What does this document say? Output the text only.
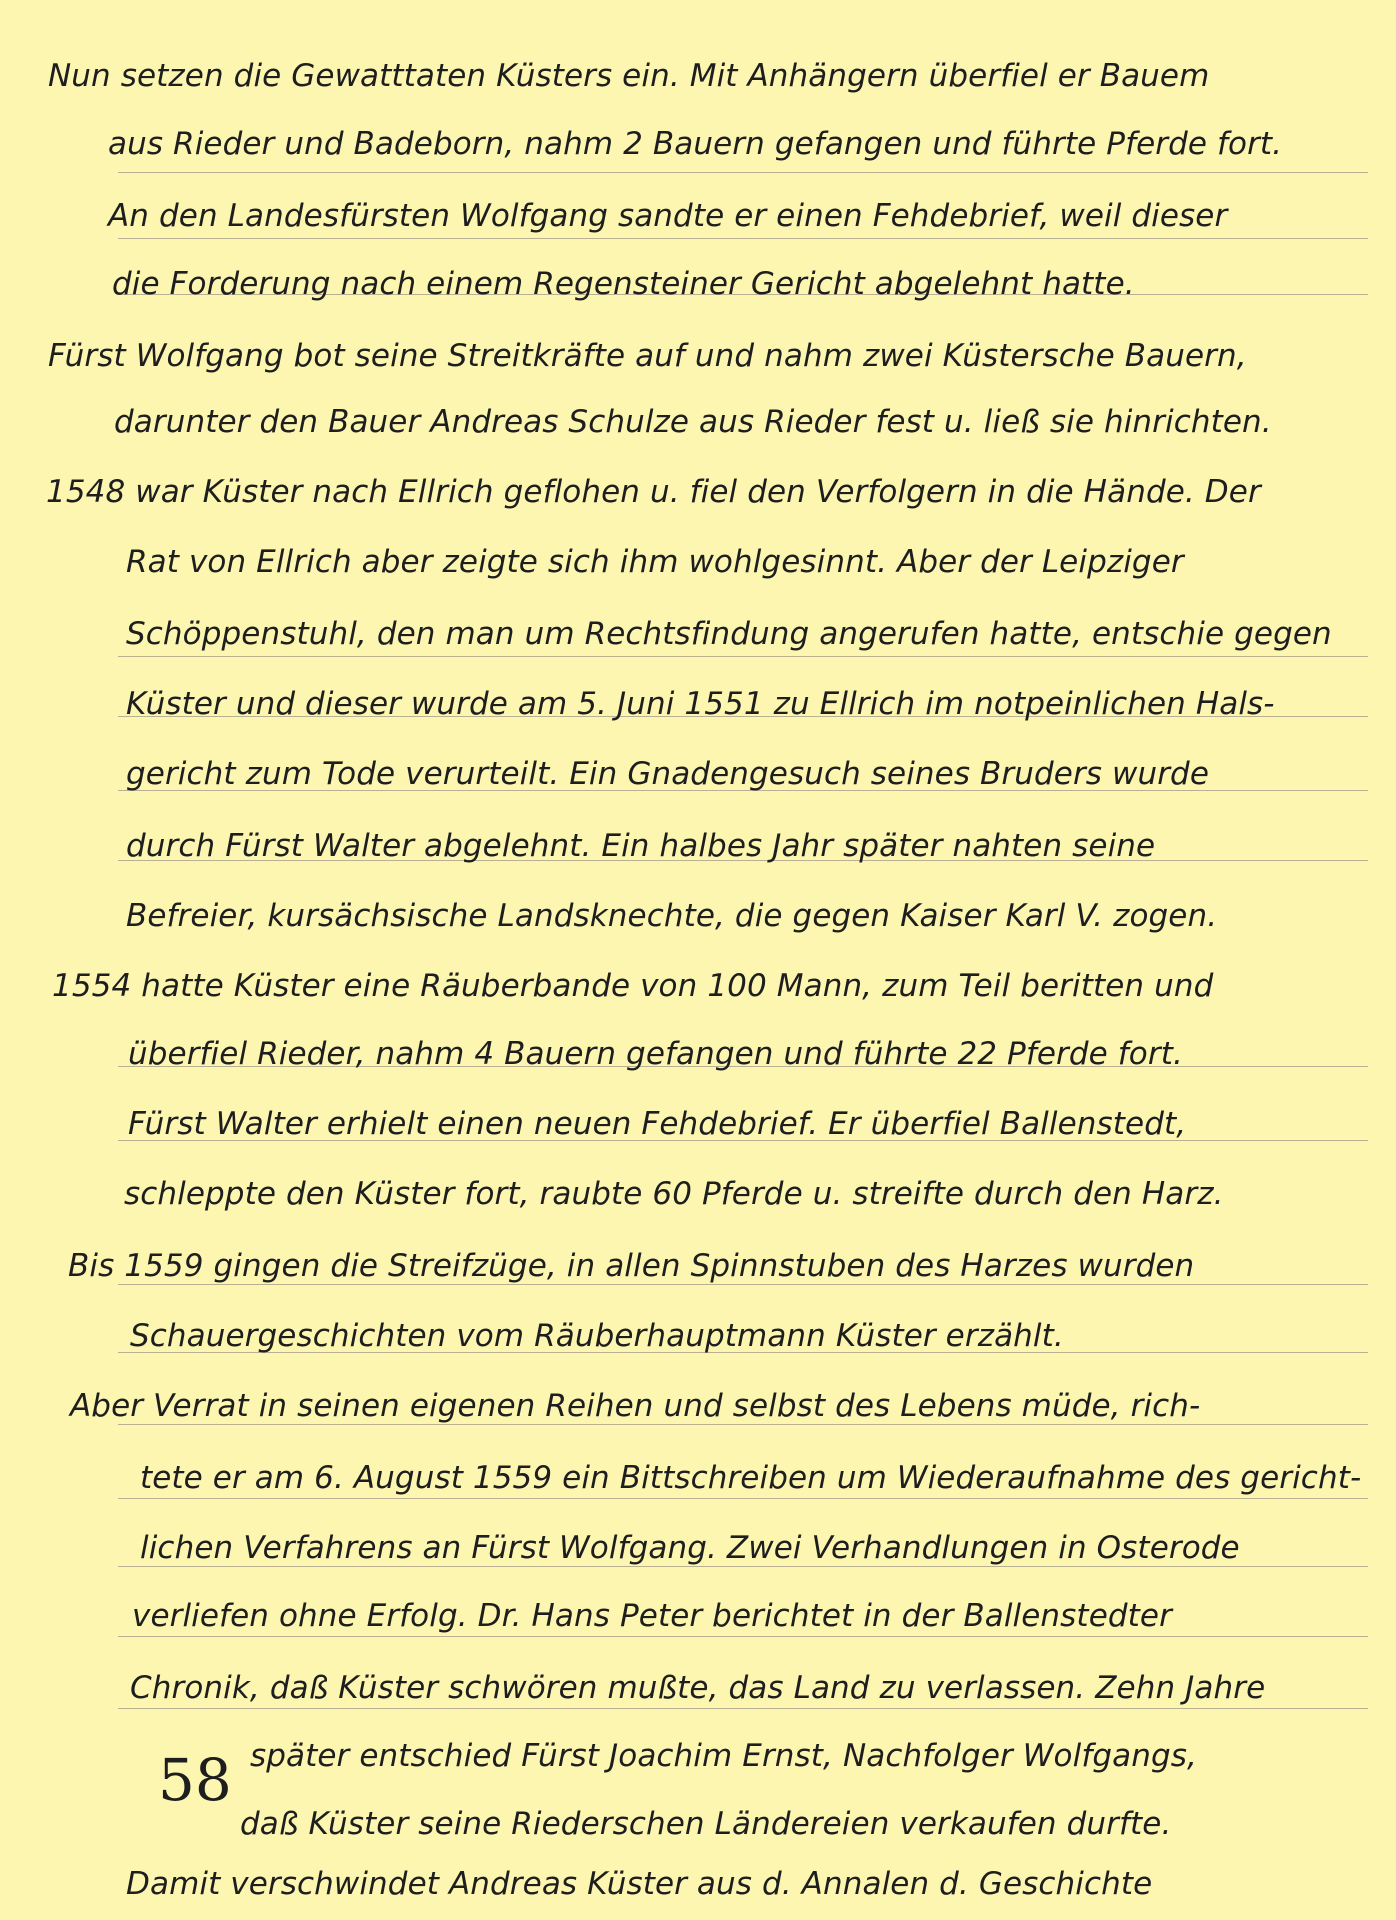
Nun setzen die Gewatttaten Küsters ein. Mit Anhängern überfiel er Bauem
aus Rieder und Badeborn, nahm 2 Bauern gefangen und führte Pferde fort.
An den Landesfürsten Wolfgang sandte er einen Fehdebrief, weil dieser
die Forderung nach einem Regensteiner Gericht abgelehnt hatte.
Fürst Wolfgang bot seine Streitkräfte auf und nahm zwei Küstersche Bauern,
darunter den Bauer Andreas Schulze aus Rieder fest u. ließ sie hinrichten.
1548 war Küster nach Ellrich geflohen u. fiel den Verfolgern in die Hände. Der
Rat von Ellrich aber zeigte sich ihm wohlgesinnt. Aber der Leipziger
Schöppenstuhl, den man um Rechtsfindung angerufen hatte, entschie gegen
Küster und dieser wurde am 5. Juni 1551 zu Ellrich im notpeinlichen Hals-
gericht zum Tode verurteilt. Ein Gnadengesuch seines Bruders wurde
durch Fürst Walter abgelehnt. Ein halbes Jahr später nahten seine
Befreier, kursächsische Landsknechte, die gegen Kaiser Karl V. zogen.
1554 hatte Küster eine Räuberbande von 100 Mann, zum Teil beritten und
überfiel Rieder, nahm 4 Bauern gefangen und führte 22 Pferde fort.
Fürst Walter erhielt einen neuen Fehdebrief. Er überfiel Ballenstedt,
schleppte den Küster fort, raubte 60 Pferde u. streifte durch den Harz.
Bis 1559 gingen die Streifzüge, in allen Spinnstuben des Harzes wurden
Schauergeschichten vom Räuberhauptmann Küster erzählt.
Aber Verrat in seinen eigenen Reihen und selbst des Lebens müde, rich-
tete er am 6. August 1559 ein Bittschreiben um Wiederaufnahme des gericht-
lichen Verfahrens an Fürst Wolfgang. Zwei Verhandlungen in Osterode
verliefen ohne Erfolg. Dr. Hans Peter berichtet in der Ballenstedter
Chronik, daß Küster schwören mußte, das Land zu verlassen. Zehn Jahre
später entschied Fürst Joachim Ernst, Nachfolger Wolfgangs,
daß Küster seine Riederschen Ländereien verkaufen durfte.
Damit verschwindet Andreas Küster aus d. Annalen d. Geschichte
58
